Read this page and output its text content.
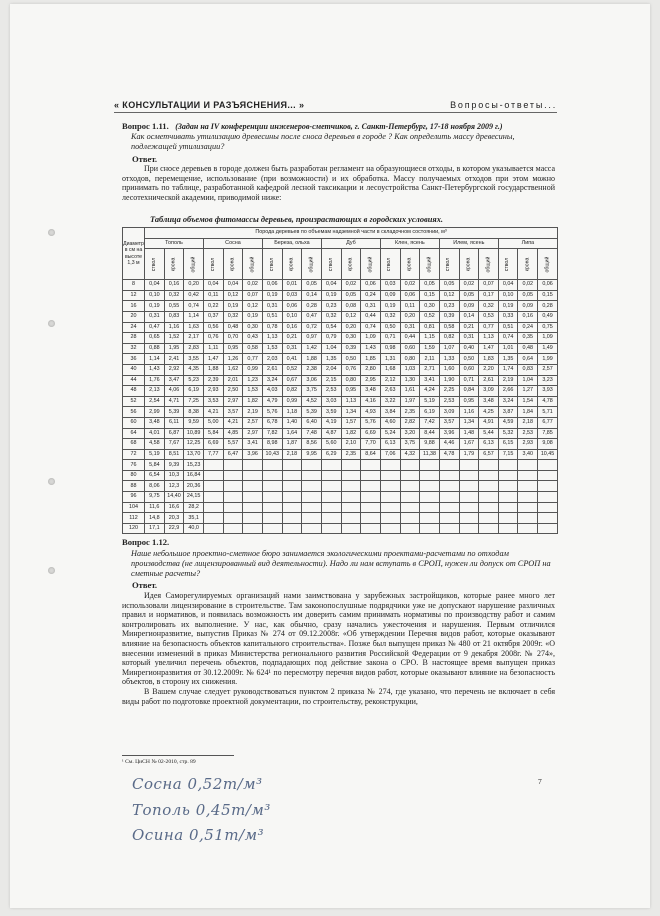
« КОНСУЛЬТАЦИИ И РАЗЪЯСНЕНИЯ... »	Вопросы-ответы...
Вопрос 1.11. (Задан на IV конференции инженеров-сметчиков, г. Санкт-Петербург, 17-18 ноября 2009 г.)
Как осметчивать утилизацию древесины после сноса деревьев в городе ? Как определить массу древесины, подлежащей утилизации?
Ответ.

При сносе деревьев в городе должен быть разработан регламент на образующиеся отходы, в котором указывается масса отходов, перемещение, использование (при возможности) и их обработка. Массу получаемых отходов при этом можно принимать по таблице, разработанной кафедрой лесной таксикации и лесоустройства Санкт-Петербургской государственной лесотехнической академии, приводимой ниже:

Таблица объемов фитомассы деревьев, произрастающих в городских условиях.
Диаметр в см на высоте 1,3 м	Порода деревьев по объемам надземной части в складочном состоянии, м³																				
	Тополь			Сосна			Береза, ольха			Дуб			Клен, ясень			Илем, ясень			Липа		
	ствол	крона	общий	ствол	крона	общий	ствол	крона	общий	ствол	крона	общий	ствол	крона	общий	ствол	крона	общий	ствол	крона	общий
8	0,04	0,16	0,20	0,04	0,04	0,02	0,06	0,01	0,05	0,04	0,02	0,06	0,03	0,02	0,05	0,05	0,02	0,07	0,04	0,02	0,06
12	0,10	0,32	0,42	0,11	0,12	0,07	0,19	0,03	0,14	0,19	0,05	0,24	0,09	0,06	0,15	0,12	0,05	0,17	0,10	0,05	0,15
16	0,19	0,55	0,74	0,22	0,19	0,12	0,31	0,06	0,28	0,23	0,08	0,31	0,19	0,11	0,30	0,23	0,09	0,32	0,19	0,09	0,28
20	0,31	0,83	1,14	0,37	0,32	0,19	0,51	0,10	0,47	0,32	0,12	0,44	0,32	0,20	0,52	0,39	0,14	0,53	0,33	0,16	0,49
24	0,47	1,16	1,63	0,56	0,48	0,30	0,78	0,16	0,72	0,54	0,20	0,74	0,50	0,31	0,81	0,58	0,21	0,77	0,51	0,24	0,75
28	0,65	1,52	2,17	0,76	0,70	0,43	1,13	0,21	0,97	0,79	0,30	1,09	0,71	0,44	1,15	0,82	0,31	1,13	0,74	0,35	1,09
32	0,88	1,95	2,83	1,11	0,95	0,58	1,53	0,31	1,42	1,04	0,39	1,43	0,98	0,60	1,59	1,07	0,40	1,47	1,01	0,48	1,49
36	1,14	2,41	3,55	1,47	1,26	0,77	2,03	0,41	1,88	1,35	0,50	1,85	1,31	0,80	2,11	1,33	0,50	1,83	1,35	0,64	1,99
40	1,43	2,92	4,35	1,88	1,62	0,99	2,61	0,52	2,38	2,04	0,76	2,80	1,68	1,03	2,71	1,60	0,60	2,20	1,74	0,83	2,57
44	1,76	3,47	5,23	2,39	2,01	1,23	3,24	0,67	3,06	2,15	0,80	2,95	2,12	1,30	3,41	1,90	0,71	2,61	2,19	1,04	3,23
48	2,13	4,06	6,19	2,93	2,50	1,53	4,03	0,82	3,75	2,53	0,95	3,48	2,63	1,61	4,24	2,25	0,84	3,09	2,66	1,27	3,93
52	2,54	4,71	7,25	3,53	2,97	1,82	4,79	0,99	4,52	3,03	1,13	4,16	3,22	1,97	5,19	2,53	0,95	3,48	3,24	1,54	4,78
56	2,99	5,39	8,38	4,21	3,57	2,19	5,76	1,18	5,39	3,59	1,34	4,93	3,84	2,35	6,19	3,09	1,16	4,25	3,87	1,84	5,71
60	3,48	6,11	9,59	5,00	4,21	2,57	6,78	1,40	6,40	4,19	1,57	5,76	4,60	2,82	7,42	3,57	1,34	4,91	4,59	2,18	6,77
64	4,01	6,87	10,89	5,84	4,85	2,97	7,82	1,64	7,48	4,87	1,82	6,69	5,24	3,20	8,44	3,96	1,48	5,44	5,32	2,53	7,85
68	4,58	7,67	12,25	6,69	5,57	3,41	8,98	1,87	8,56	5,60	2,10	7,70	6,13	3,75	9,88	4,46	1,67	6,13	6,15	2,93	9,08
72	5,19	8,51	13,70	7,77	6,47	3,96	10,43	2,18	9,95	6,29	2,35	8,64	7,06	4,32	11,38	4,78	1,79	6,57	7,15	3,40	10,45
76	5,84	9,39	15,23																		
80	6,54	10,3	16,84																		
88	8,06	12,3	20,36																		
96	9,75	14,40	24,15																		
104	11,6	16,6	28,2																		
112	14,8	20,3	35,1																		
120	17,1	22,9	40,0																		
Вопрос 1.12.
Наше небольшое проектно-сметное бюро занимается экологическими проектами-расчетами по отходам производства (не лицензированный вид деятельности). Надо ли нам вступать в СРОП, нужен ли допуск от СРОП на сметные расчеты?
Ответ.

Идея Саморегулируемых организаций нами заимствована у зарубежных застройщиков, которые ранее много лет использовали лицензирование в строительстве. Там законопослушные подрядчики уже не допускают нарушение различных правил и нормативов, и появилась возможность им доверить самим принимать нормативы по производству работ и самим контролировать их выполнение. У нас, как обычно, сразу начались ужесточения и нарушения. Первым отличился Минрегионразвитие, выпустив Приказ № 274 от 09.12.2008г. «Об утверждении Перечня видов работ, которые оказывают влияние на безопасность объектов капитального строительства». Позже был выпущен приказ № 480 от 21 октября 2009г. «О внесении изменений в приказ Министерства регионального развития Российской Федерации от 9 декабря 2008г. № 274», который увеличил перечень объектов, подпадающих под действие закона о СРО. В настоящее время выпущен приказ Минрегионразвития от 30.12.2009г. № 624¹ по пересмотру перечня видов работ, которые оказывают влияние на безопасность объектов, в сторону их снижения.

В Вашем случае следует руководствоваться пунктом 2 приказа № 274, где указано, что перечень не включает в себя виды работ по подготовке проектной документации, по строительству, реконструкции,

¹ См. ЦиСН № 02-2010, стр. 89
7
Сосна 0,52т/м³
Тополь 0,45т/м³
Осина 0,51т/м³
